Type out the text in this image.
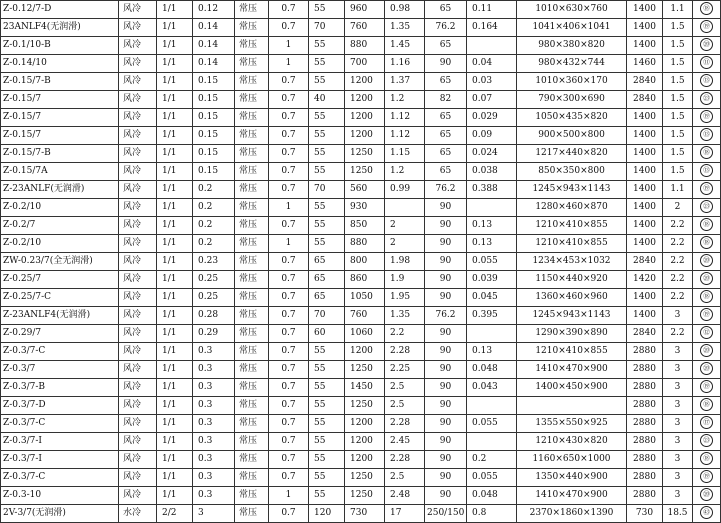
Z-0.12/7-D	风冷	1/1	0.12	常压	0.7	55	960	0.98	65	0.11	1010×630×760	1400	1.1	⑱
23ANLF4(无润滑)	风冷	1/1	0.14	常压	0.7	70	760	1.35	76.2	0.164	1041×406×1041	1400	1.5	⑲
Z-0.1/10-B	风冷	1/1	0.14	常压	1	55	880	1.45	65		980×380×820	1400	1.5	⑳
Z-0.14/10	风冷	1/1	0.14	常压	1	55	700	1.16	90	0.04	980×432×744	1460	1.5	⑪
Z-0.15/7-B	风冷	1/1	0.15	常压	0.7	55	1200	1.37	65	0.03	1010×360×170	2840	1.5	⑬
Z-0.15/7	风冷	1/1	0.15	常压	0.7	40	1200	1.2	82	0.07	790×300×690	2840	1.5	㉓
Z-0.15/7	风冷	1/1	0.15	常压	0.7	55	1200	1.12	65	0.029	1050×435×820	1400	1.5	⑲
Z-0.15/7	风冷	1/1	0.15	常压	0.7	55	1200	1.12	65	0.09	900×500×800	1400	1.5	⑬
Z-0.15/7-B	风冷	1/1	0.15	常压	0.7	55	1250	1.15	65	0.024	1217×440×820	1400	1.5	⑱
Z-0.15/7A	风冷	1/1	0.15	常压	0.7	55	1250	1.2	65	0.038	850×350×800	1400	1.5	⑬
Z-23ANLF(无润滑)	风冷	1/1	0.2	常压	0.7	70	560	0.99	76.2	0.388	1245×943×1143	1400	1.1	⑲
Z-0.2/10	风冷	1/1	0.2	常压	1	55	930		90		1280×460×870	1400	2	㉓
Z-0.2/7	风冷	1/1	0.2	常压	0.7	55	850	2	90	0.13	1210×410×855	1400	2.2	⑱
Z-0.2/10	风冷	1/1	0.2	常压	1	55	880	2	90	0.13	1210×410×855	1400	2.2	⑱
ZW-0.23/7(全无润滑)	风冷	1/1	0.23	常压	0.7	65	800	1.98	90	0.055	1234×453×1032	2840	2.2	⑳
Z-0.25/7	风冷	1/1	0.25	常压	0.7	65	860	1.9	90	0.039	1150×440×920	1420	2.2	⑳
Z-0.25/7-C	风冷	1/1	0.25	常压	0.7	65	1050	1.95	90	0.045	1360×460×960	1400	2.2	⑱
Z-23ANLF4(无润滑)	风冷	1/1	0.28	常压	0.7	70	760	1.35	76.2	0.395	1245×943×1143	1400	3	⑲
Z-0.29/7	风冷	1/1	0.29	常压	0.7	60	1060	2.2	90		1290×390×890	2840	2.2	⑫
Z-0.3/7-C	风冷	1/1	0.3	常压	0.7	55	1200	2.28	90	0.13	1210×410×855	2880	3	⑳
Z-0.3/7	风冷	1/1	0.3	常压	0.7	55	1250	2.25	90	0.048	1410×470×900	2880	3	⑳
Z-0.3/7-B	风冷	1/1	0.3	常压	0.7	55	1450	2.5	90	0.043	1400×450×900	2880	3	⑲
Z-0.3/7-D	风冷	1/1	0.3	常压	0.7	55	1250	2.5	90			2880	3	⑱
Z-0.3/7-C	风冷	1/1	0.3	常压	0.7	55	1200	2.28	90	0.055	1355×550×925	2880	3	⑰
Z-0.3/7-Ⅰ	风冷	1/1	0.3	常压	0.7	55	1200	2.45	90		1210×430×820	2880	3	㉓
Z-0.3/7-Ⅰ	风冷	1/1	0.3	常压	0.7	55	1200	2.28	90	0.2	1160×650×1000	2880	3	⑱
Z-0.3/7-C	风冷	1/1	0.3	常压	0.7	55	1250	2.5	90	0.055	1350×440×900	2880	3	⑲
Z-0.3-10	风冷	1/1	0.3	常压	1	55	1250	2.48	90	0.048	1410×470×900	2880	3	⑳
2V-3/7(无润滑)	水冷	2/2	3	常压	0.7	120	730	17	250/150	0.8	2370×1860×1390	730	18.5	㊸
